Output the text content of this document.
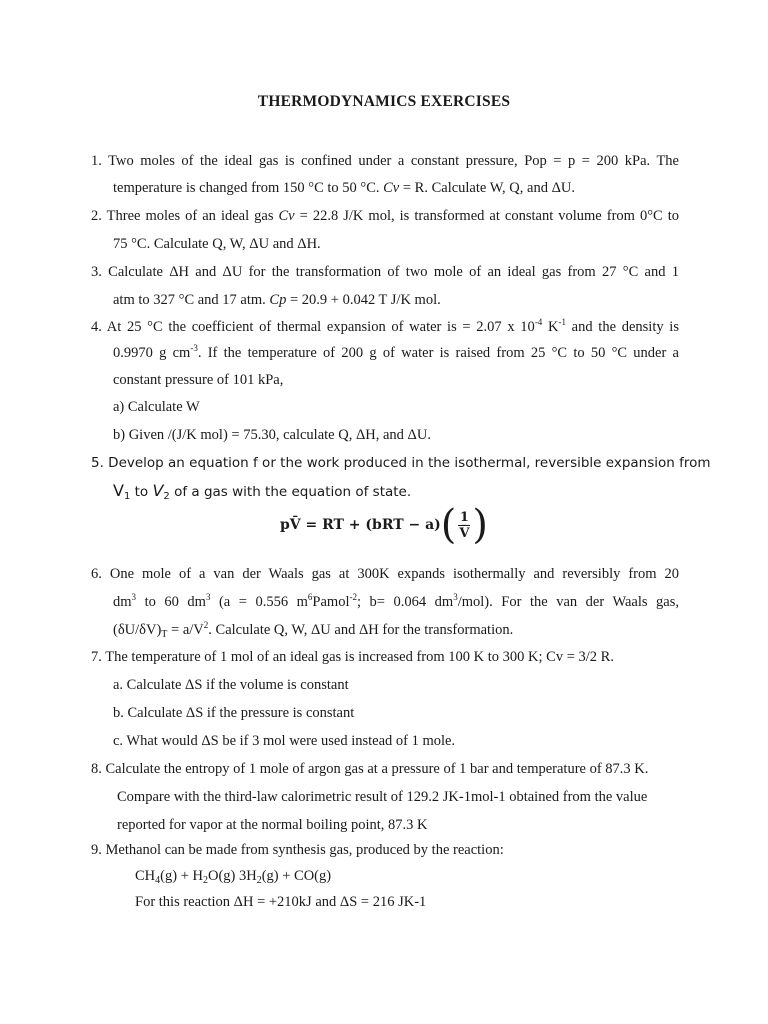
THERMODYNAMICS EXERCISES
1. Two moles of the ideal gas is confined under a constant pressure, Pop = p = 200 kPa. The
temperature is changed from 150 °C to 50 °C. Cv = R. Calculate W, Q, and ΔU.
2. Three moles of an ideal gas Cv = 22.8 J/K mol, is transformed at constant volume from 0°C to
75 °C. Calculate Q, W, ΔU and ΔH.
3. Calculate ΔH and ΔU for the transformation of two mole of an ideal gas from 27 °C and 1
atm to 327 °C and 17 atm. Cp = 20.9 + 0.042 T J/K mol.
4. At 25 °C the coefficient of thermal expansion of water is = 2.07 x $10^{-4}$ $K^{-1}$ and the density is
0.9970 g $cm^{-3}$. If the temperature of 200 g of water is raised from 25 °C to 50 °C under a
constant pressure of 101 kPa,
a) Calculate W
b) Given /(J/K mol) = 75.30, calculate Q, ΔH, and ΔU.
5. Develop an equation f or the work produced in the isothermal, reversible expansion from
$V_1$ to $V_2$ of a gas with the equation of state.
pV̄ = RT + (bRT − a) ( $\frac{1}{V̄}$ )
6. One mole of a van der Waals gas at 300K expands isothermally and reversibly from 20
$dm^3$ to 60 $dm^3$ (a = 0.556 $m^6Pamol^{-2}$; b= 0.064 $dm^3/mol$). For the van der Waals gas,
$(\delta U/\delta V)_T = a/V^2$. Calculate Q, W, ΔU and ΔH for the transformation.
7. The temperature of 1 mol of an ideal gas is increased from 100 K to 300 K; Cv = 3/2 R.
a. Calculate ΔS if the volume is constant
b. Calculate ΔS if the pressure is constant
c. What would ΔS be if 3 mol were used instead of 1 mole.
8. Calculate the entropy of 1 mole of argon gas at a pressure of 1 bar and temperature of 87.3 K.
Compare with the third-law calorimetric result of 129.2 JK-1mol-1 obtained from the value
reported for vapor at the normal boiling point, 87.3 K
9. Methanol can be made from synthesis gas, produced by the reaction:
$CH_4(g) + H_2O(g) 3H_2(g) + CO(g)$
For this reaction ΔH = +210kJ and ΔS = 216 JK-1
